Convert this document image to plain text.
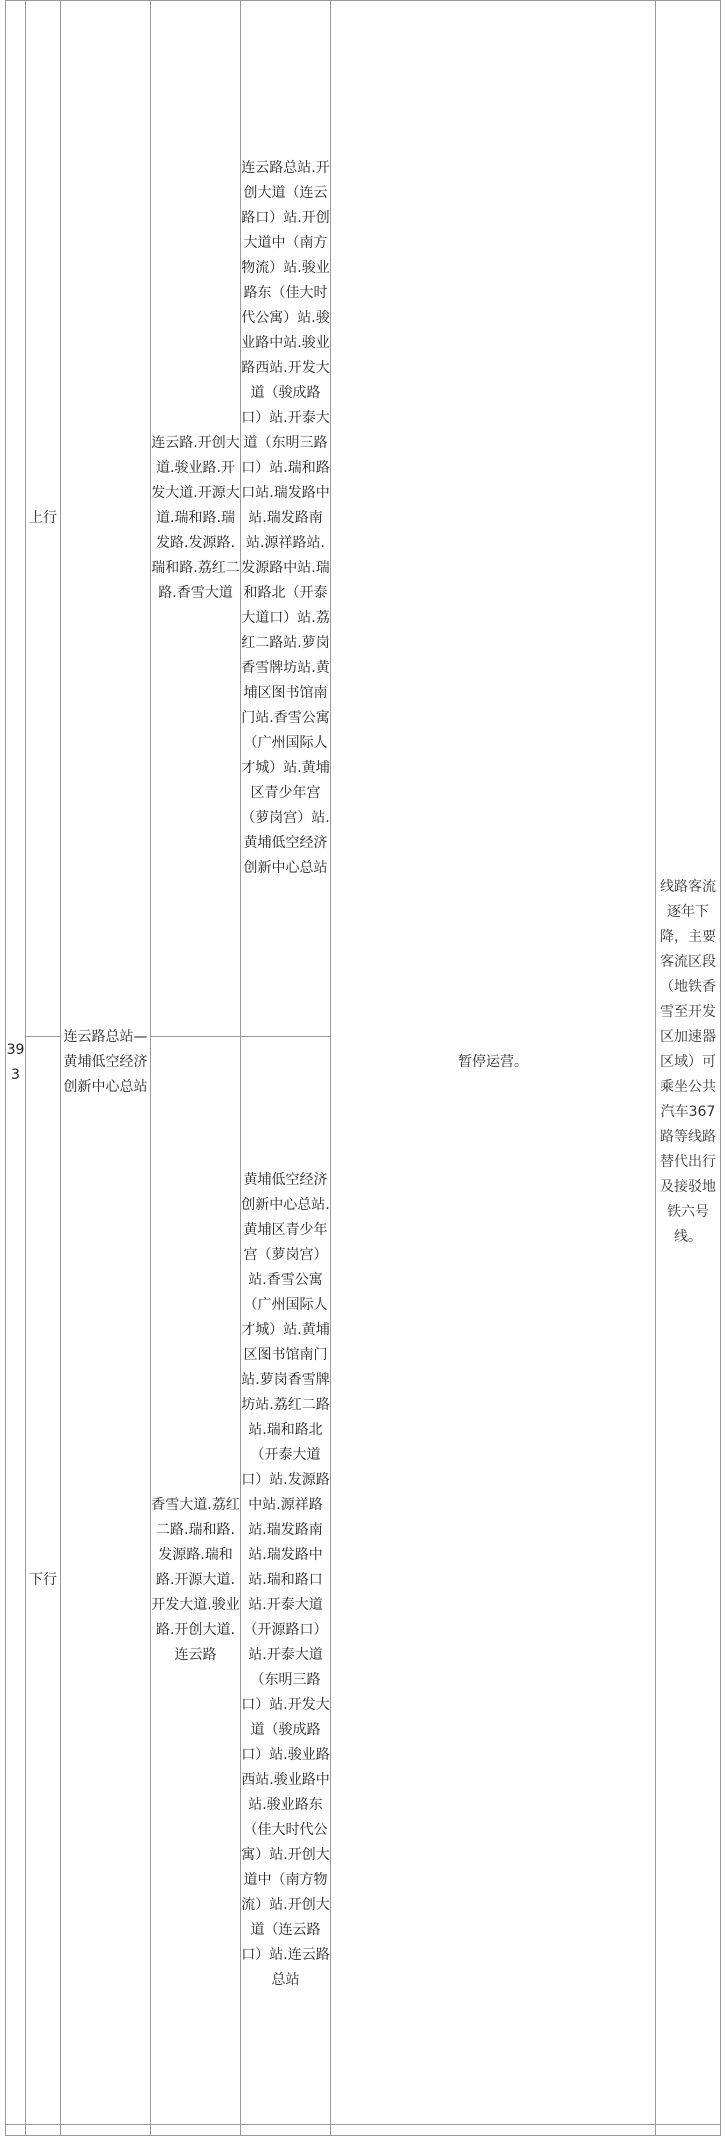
393	上行	连云路总站—黄埔低空经济创新中心总站	连云路.开创大道.骏业路.开发大道.开源大道.瑞和路.瑞发路.发源路.瑞和路.荔红二路.香雪大道	连云路总站.开创大道（连云路口）站.开创大道中（南方物流）站.骏业路东（佳大时代公寓）站.骏业路中站.骏业路西站.开发大道（骏成路口）站.开泰大道（东明三路口）站.瑞和路口站.瑞发路中站.瑞发路南站.源祥路站.发源路中站.瑞和路北（开泰大道口）站.荔红二路站.萝岗香雪牌坊站.黄埔区图书馆南门站.香雪公寓（广州国际人才城）站.黄埔区青少年宫（萝岗宫）站.黄埔低空经济创新中心总站	暂停运营。	线路客流逐年下降，主要客流区段（地铁香雪至开发区加速器区域）可乘坐公共汽车367路等线路替代出行及接驳地铁六号线。
	下行		香雪大道.荔红二路.瑞和路.发源路.瑞和路.开源大道.开发大道.骏业路.开创大道.连云路	黄埔低空经济创新中心总站.黄埔区青少年宫（萝岗宫）站.香雪公寓（广州国际人才城）站.黄埔区图书馆南门站.萝岗香雪牌坊站.荔红二路站.瑞和路北（开泰大道口）站.发源路中站.源祥路站.瑞发路南站.瑞发路中站.瑞和路口站.开泰大道（开源路口）站.开泰大道（东明三路口）站.开发大道（骏成路口）站.骏业路西站.骏业路中站.骏业路东（佳大时代公寓）站.开创大道中（南方物流）站.开创大道（连云路口）站.连云路总站		
